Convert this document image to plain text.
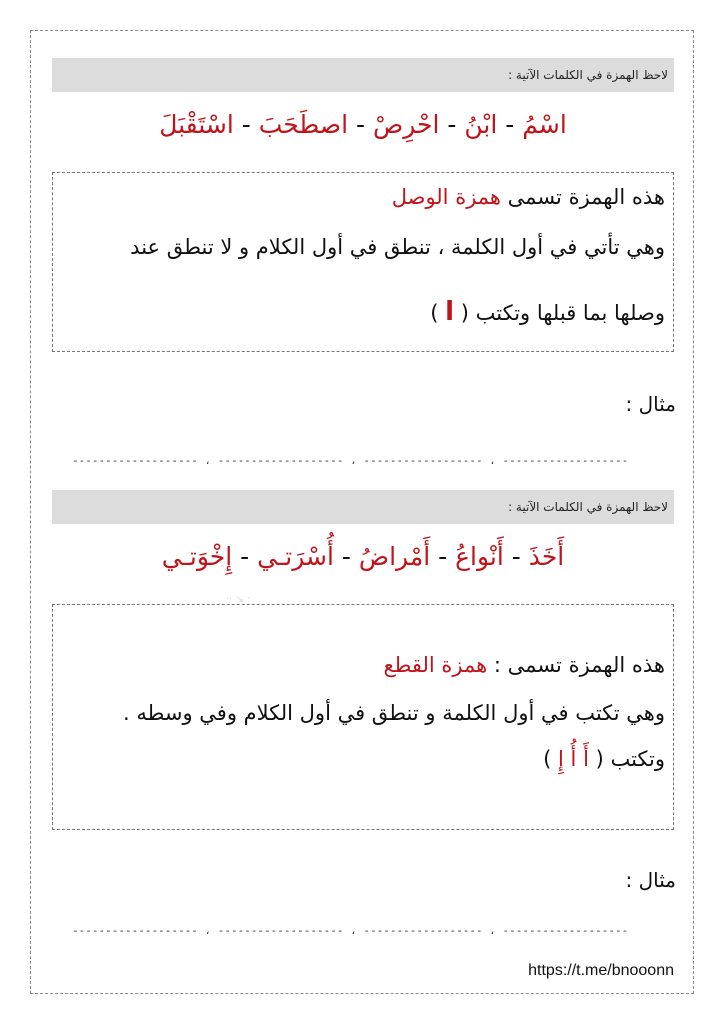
لاحظ الهمزة في الكلمات الآتية :
اسْمُ - ابْنُ - احْرِصْ - اصطَحَبَ - اسْتَقْبَلَ

هذه الهمزة تسمى همزة الوصل

وهي تأتي في أول الكلمة ، تنطق في أول الكلام و لا تنطق عند

وصلها بما قبلها وتكتب ( ا )

مثال :
------------------- ، ------------------- ، ------------------ ، -------------------
لاحظ الهمزة في الكلمات الآتية :
أَخَذَ - أَنْواعُ - أَمْراضُ - أُسْرَتـي - إِخْوَتـي
·· ↘ ·

هذه الهمزة تسمى : همزة القطع

وهي تكتب في أول الكلمة و تنطق في أول الكلام وفي وسطه .

وتكتب ( أَ أُ إِ )

مثال :
------------------- ، ------------------- ، ------------------ ، -------------------
https://t.me/bnooonn
